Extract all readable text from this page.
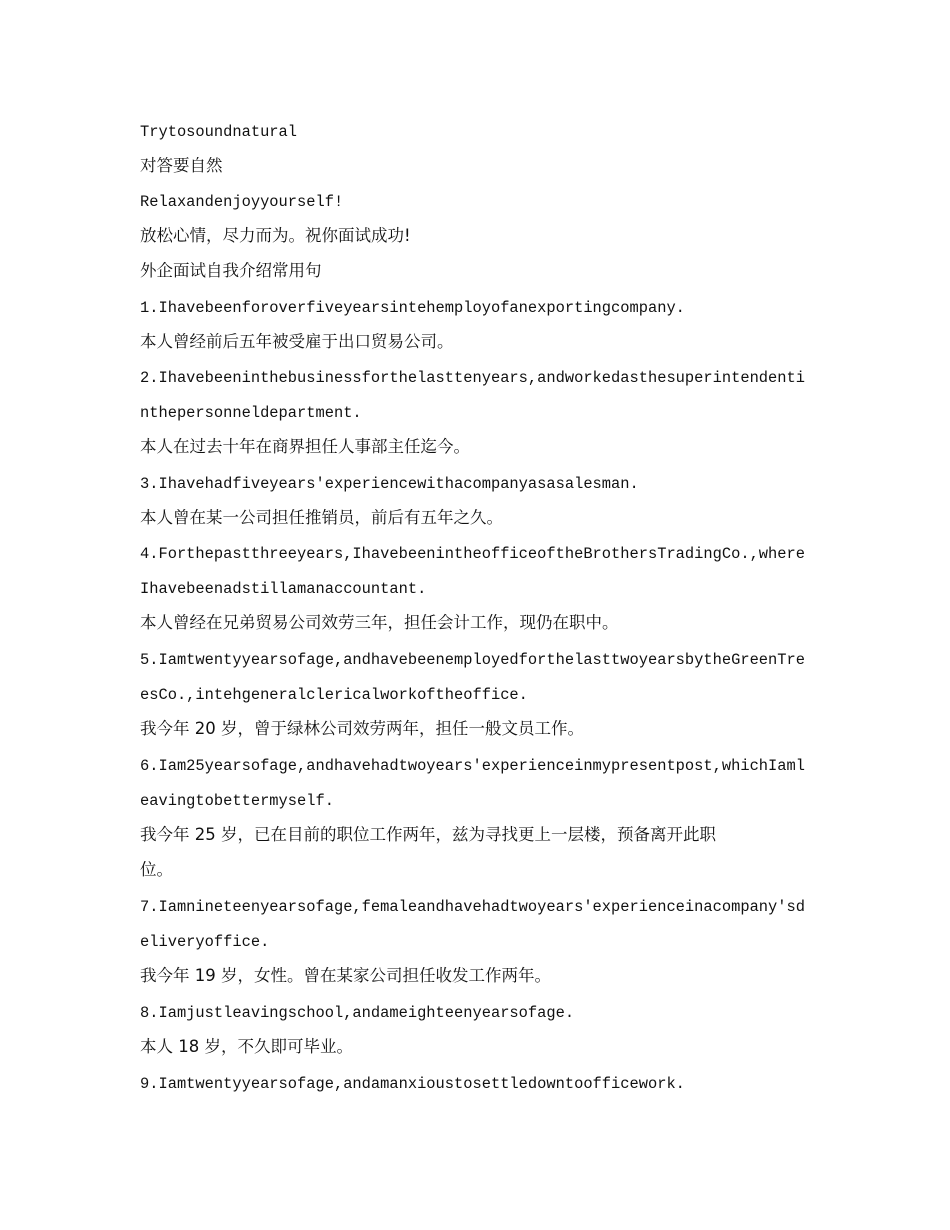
Trytosoundnatural
对答要自然
Relaxandenjoyyourself!
放松心情，尽力而为。祝你面试成功!
外企面试自我介绍常用句
1.Ihavebeenforoverfiveyearsintehemployofanexportingcompany.
本人曾经前后五年被受雇于出口贸易公司。
2.Ihavebeeninthebusinessforthelasttenyears,andworkedasthesuperintendenti
nthepersonneldepartment.
本人在过去十年在商界担任人事部主任迄今。
3.Ihavehadfiveyears'experiencewithacompanyasasalesman.
本人曾在某一公司担任推销员，前后有五年之久。
4.Forthepastthreeyears,IhavebeenintheofficeoftheBrothersTradingCo.,where
Ihavebeenadstillamanaccountant.
本人曾经在兄弟贸易公司效劳三年，担任会计工作，现仍在职中。
5.Iamtwentyyearsofage,andhavebeenemployedforthelasttwoyearsbytheGreenTre
esCo.,intehgeneralclericalworkoftheoffice.
我今年 20 岁，曾于绿林公司效劳两年，担任一般文员工作。
6.Iam25yearsofage,andhavehadtwoyears'experienceinmypresentpost,whichIaml
eavingtobettermyself.
我今年 25 岁，已在目前的职位工作两年，兹为寻找更上一层楼，预备离开此职
位。
7.Iamnineteenyearsofage,femaleandhavehadtwoyears'experienceinacompany'sd
eliveryoffice.
我今年 19 岁，女性。曾在某家公司担任收发工作两年。
8.Iamjustleavingschool,andameighteenyearsofage.
本人 18 岁，不久即可毕业。
9.Iamtwentyyearsofage,andamanxioustosettledowntoofficework.
